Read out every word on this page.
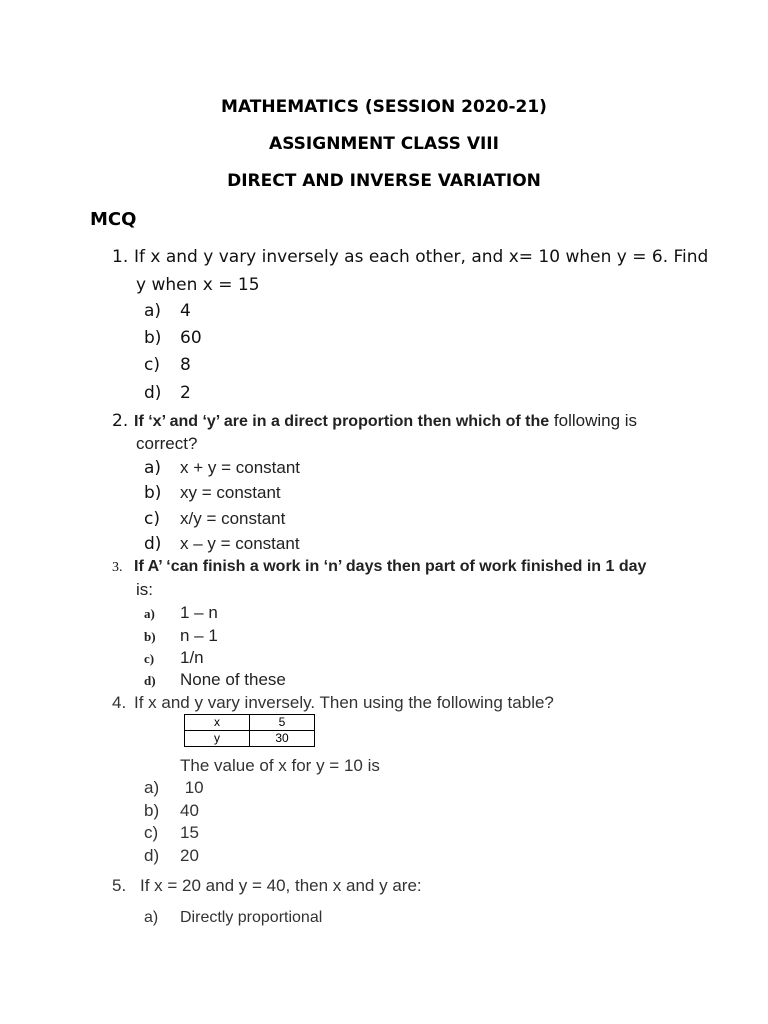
MATHEMATICS (SESSION 2020-21)
ASSIGNMENT CLASS VIII
DIRECT AND INVERSE VARIATION
MCQ
1. If x and y vary inversely as each other, and x= 10 when y = 6. Find
y when x = 15
a) 4
b) 60
c) 8
d) 2
2. If ‘x’ and ‘y’ are in a direct proportion then which of the following is
correct?
a) x + y = constant
b) xy = constant
c) x/y = constant
d) x – y = constant
3. If A’ ‘can finish a work in ‘n’ days then part of work finished in 1 day
is:
a) 1 – n
b) n – 1
c) 1/n
d) None of these
4. If x and y vary inversely. Then using the following table?
x	5
y	30
The value of x for y = 10 is
a) 10
b) 40
c) 15
d) 20
5. If x = 20 and y = 40, then x and y are:
a) Directly proportional
